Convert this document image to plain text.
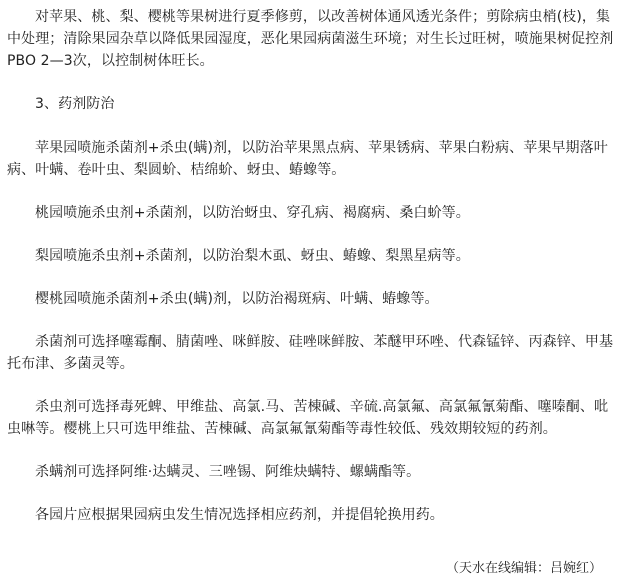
对苹果、桃、梨、樱桃等果树进行夏季修剪，以改善树体通风透光条件；剪除病虫梢(枝)，集中处理；清除果园杂草以降低果园湿度，恶化果园病菌滋生环境；对生长过旺树，喷施果树促控剂PBO 2—3次，以控制树体旺长。

3、药剂防治

苹果园喷施杀菌剂+杀虫(螨)剂，以防治苹果黑点病、苹果锈病、苹果白粉病、苹果早期落叶病、叶螨、卷叶虫、梨圆蚧、桔绵蚧、蚜虫、蝽蟓等。

桃园喷施杀虫剂+杀菌剂，以防治蚜虫、穿孔病、褐腐病、桑白蚧等。

梨园喷施杀虫剂+杀菌剂，以防治梨木虱、蚜虫、蝽蟓、梨黑星病等。

樱桃园喷施杀菌剂+杀虫(螨)剂，以防治褐斑病、叶螨、蝽蟓等。

杀菌剂可选择噻霉酮、腈菌唑、咪鲜胺、硅唑咪鲜胺、苯醚甲环唑、代森锰锌、丙森锌、甲基托布津、多菌灵等。

杀虫剂可选择毒死蜱、甲维盐、高氯.马、苦棟碱、辛硫.高氯氟、高氯氟氰菊酯、噻嗪酮、吡虫啉等。樱桃上只可选甲维盐、苦棟碱、高氯氟氰菊酯等毒性较低、残效期较短的药剂。

杀螨剂可选择阿维·达螨灵、三唑锡、阿维炔螨特、螺螨酯等。

各园片应根据果园病虫发生情况选择相应药剂，并提倡轮换用药。

（天水在线编辑：吕婉红）
